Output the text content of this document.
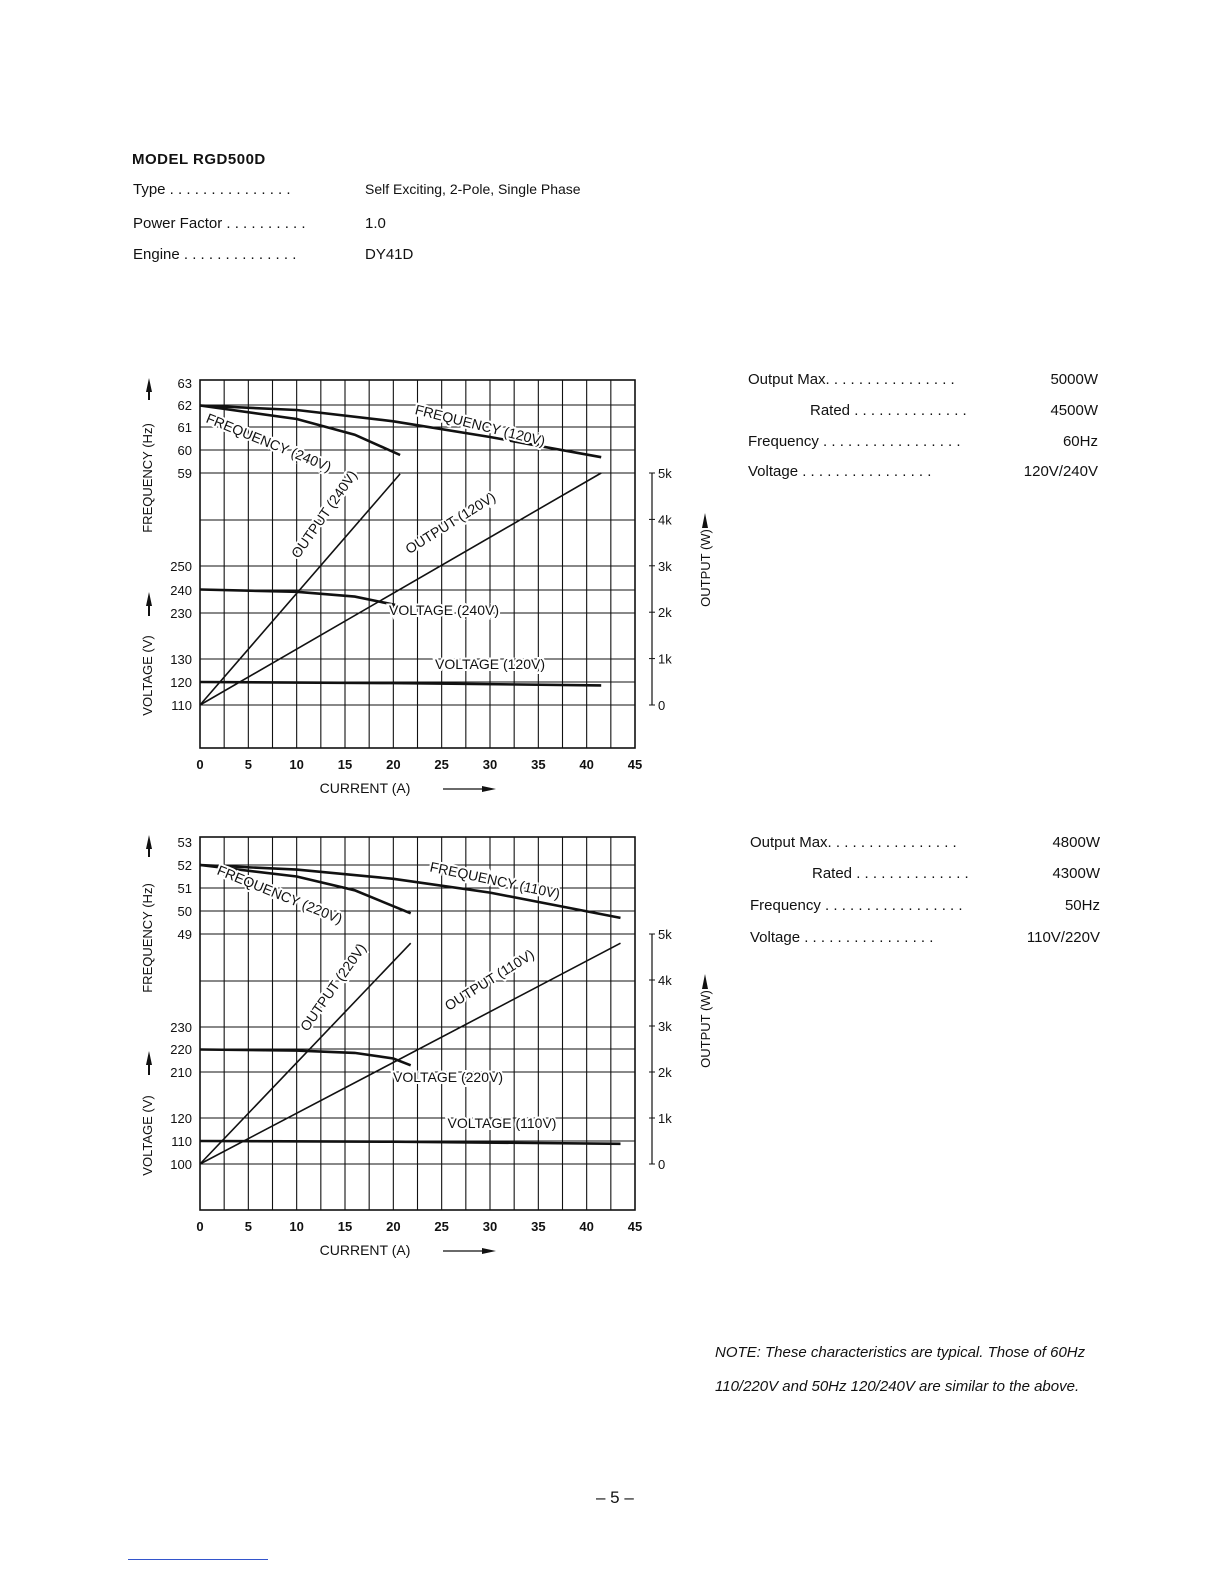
MODEL RGD500D
Type . . . . . . . . . . . . . . .	Self Exciting, 2-Pole, Single Phase
Power Factor . . . . . . . . . .	1.0
Engine . . . . . . . . . . . . . .	DY41D
FREQUENCY (120V)
FREQUENCY (240V)
OUTPUT (240V)	OUTPUT (120V)
VOLTAGE (240V)
VOLTAGE (120V)
0	5	10	15	20	25	30	35	40	45
CURRENT (A)
63
62
61
60
59
250
240
230
130
120
110
FREQUENCY (Hz)
VOLTAGE (V)
5k
4k
3k
2k
1k
0
OUTPUT (W)
FREQUENCY (110V)
FREQUENCY (220V)
OUTPUT (220V)	OUTPUT (110V)
VOLTAGE (220V)
VOLTAGE (110V)
0	5	10	15	20	25	30	35	40	45
CURRENT (A)
53
52
51
50
49
230
220
210
120
110
100
FREQUENCY (Hz)
VOLTAGE (V)
5k
4k
3k
2k
1k
0
OUTPUT (W)
Output Max. . . . . . . . . . . . . . . .	5000W
Rated . . . . . . . . . . . . . .	4500W
Frequency . . . . . . . . . . . . . . . . .	60Hz
Voltage . . . . . . . . . . . . . . . .	120V/240V
Output Max. . . . . . . . . . . . . . . .	4800W
Rated . . . . . . . . . . . . . .	4300W
Frequency . . . . . . . . . . . . . . . . .	50Hz
Voltage . . . . . . . . . . . . . . . .	110V/220V
NOTE: These characteristics are typical. Those of 60Hz 110/220V and 50Hz 120/240V are similar to the above.
– 5 –
